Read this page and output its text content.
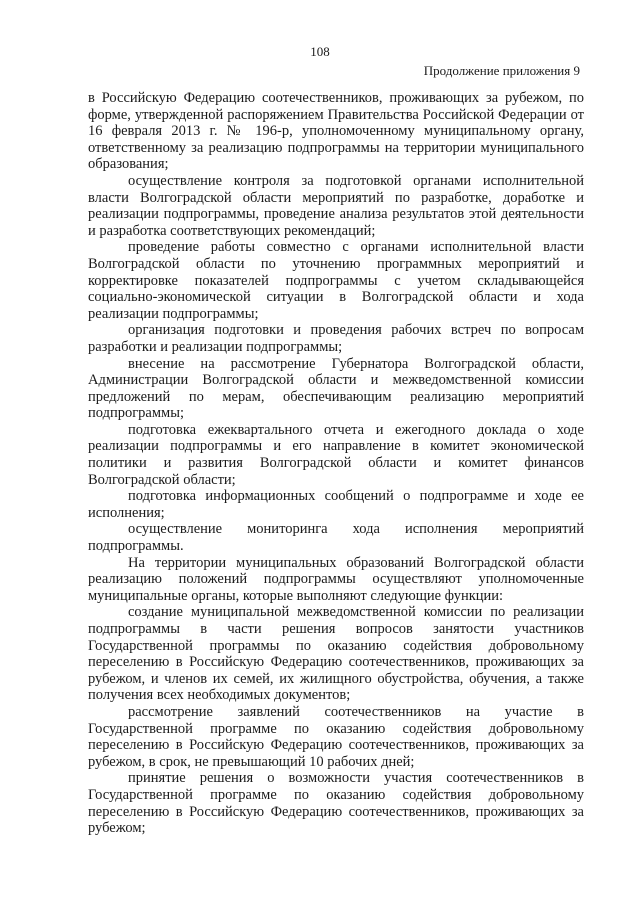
108
Продолжение приложения 9

в Российскую Федерацию соотечественников, проживающих за рубежом, по форме, утвержденной распоряжением Правительства Российской Федерации от 16 февраля 2013 г. № 196-р, уполномоченному муниципальному органу, ответственному за реализацию подпрограммы на территории муниципального образования;

осуществление контроля за подготовкой органами исполнительной власти Волгоградской области мероприятий по разработке, доработке и реализации подпрограммы, проведение анализа результатов этой деятельности и разработка соответствующих рекомендаций;

проведение работы совместно с органами исполнительной власти Волгоградской области по уточнению программных мероприятий и корректировке показателей подпрограммы с учетом складывающейся социально-экономической ситуации в Волгоградской области и хода реализации подпрограммы;

организация подготовки и проведения рабочих встреч по вопросам разработки и реализации подпрограммы;

внесение на рассмотрение Губернатора Волгоградской области, Администрации Волгоградской области и межведомственной комиссии предложений по мерам, обеспечивающим реализацию мероприятий подпрограммы;

подготовка ежеквартального отчета и ежегодного доклада о ходе реализации подпрограммы и его направление в комитет экономической политики и развития Волгоградской области и комитет финансов Волгоградской области;

подготовка информационных сообщений о подпрограмме и ходе ее исполнения;

осуществление мониторинга хода исполнения мероприятий подпрограммы.

На территории муниципальных образований Волгоградской области реализацию положений подпрограммы осуществляют уполномоченные муниципальные органы, которые выполняют следующие функции:

создание муниципальной межведомственной комиссии по реализации подпрограммы в части решения вопросов занятости участников Государственной программы по оказанию содействия добровольному переселению в Российскую Федерацию соотечественников, проживающих за рубежом, и членов их семей, их жилищного обустройства, обучения, а также получения всех необходимых документов;

рассмотрение заявлений соотечественников на участие в Государственной программе по оказанию содействия добровольному переселению в Российскую Федерацию соотечественников, проживающих за рубежом, в срок, не превышающий 10 рабочих дней;

принятие решения о возможности участия соотечественников в Государственной программе по оказанию содействия добровольному переселению в Российскую Федерацию соотечественников, проживающих за рубежом;
